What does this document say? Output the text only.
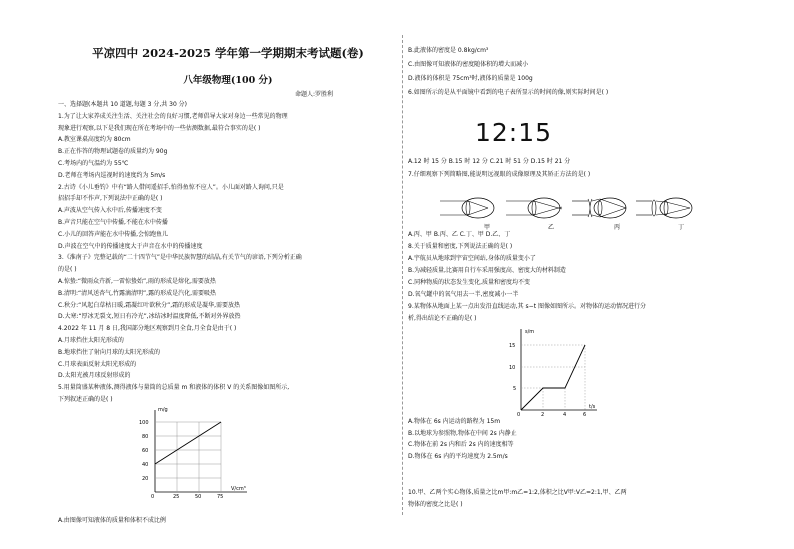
平凉四中 2024-2025 学年第一学期期末考试题(卷)
八年级物理(100 分)
命题人:罗胜利
一、选择题(本题共 10 道题,每题 3 分,共 30 分)
1.为了让大家养成关注生活、关注社会的良好习惯,老师倡导大家对身边一些常见的物理
现象进行观察,以下是我们现在所在考场中的一些估测数据,最符合事实的是( )
A.教室课桌高度约为 80cm
B.正在作答的物理试题卷的质量约为 90g
C.考场内的气温约为 55℃
D.老师在考场内巡视时的速度约为 5m/s
2.古诗《小儿垂钓》中有“路人借问遥招手,怕得鱼惊不应人”。小儿面对路人询问,只是
招招手却不作声,下列说法中正确的是( )
A.声波从空气传入水中后,传播速度不变
B.声音只能在空气中传播,不能在水中传播
C.小儿的回答声能在水中传播,会惊跑鱼儿
D.声波在空气中的传播速度大于声音在水中的传播速度
3.《淮南子》完整记载的“二十四节气”是中华民族智慧的结晶,有关节气的谚语,下列分析正确
的是( )
A.惊蛰:“微雨众卉新,一雷惊蛰始”,雨的形成是熔化,需要放热
B.清明:“清风送杏气,竹露滴清明”,露的形成是汽化,需要吸热
C.秋分:“风起白草枯日暖,霜凝红叶欲秋分”,霜的形成是凝华,需要放热
D.大寒:“厚冰无裂文,短日有冷光”,冰结冰时温度降低,不断对外界放热
4.2022 年 11 月 8 日,我国部分地区观察到月全食,月全食是由于( )
A.月球挡住太阳光形成的
B.地球挡住了射向月球的太阳光形成的
C.月球表面反射太阳光形成的
D.太阳光被月球反射形成的
5.用量筒盛某种液体,测得液体与量筒的总质量 m 和液体的体积 V 的关系图像如图所示,
下列叙述正确的是( )
m/g
V/cm³
100
80
60
40
20
0	25	50	75
A.由图像可知液体的质量和体积不成比例
B.此液体的密度是 0.8kg/cm³
C.由图像可知液体的密度随体积的增大而减小
D.液体的体积是 75cm³时,液体的质量是 100g
6.如图所示的是从平面镜中看到的电子表所显示的时间的像,则实际时间是( )
A.12 时 15 分 B.15 时 12 分 C.21 时 51 分 D.15 时 21 分
7.仔细观察下列简略图,能说明远视眼的成像原理及其矫正方法的是( )
A.丙、甲 B.丙、乙 C.丁、甲 D.乙、丁
8.关于质量和密度,下列说法正确的是( )
A.宇航员从地球到宇宙空间站,身体的质量变小了
B.为减轻质量,比赛用自行车采用强度高、密度大的材料制造
C.同种物质的状态发生变化,质量和密度均不变
D.氧气罐中的氧气用去一半,密度减小一半
9.某物体从地面上某一点出发沿直线运动,其 s−t 图像如图所示。对物体的运动情况进行分
析,得出结论不正确的是( )
A.物体在 6s 内运动的路程为 15m
B.以地球为参照物,物体在中间 2s 内静止
C.物体在前 2s 内和后 2s 内的速度相等
D.物体在 6s 内的平均速度为 2.5m/s
10.甲、乙两个实心物体,质量之比m甲:m乙=1:2,体积之比V甲:V乙=2:1,甲、乙两
物体的密度之比是( )
12:15
甲	乙	丙	丁
s/m
t/s
15
10
5
0	2	4	6
